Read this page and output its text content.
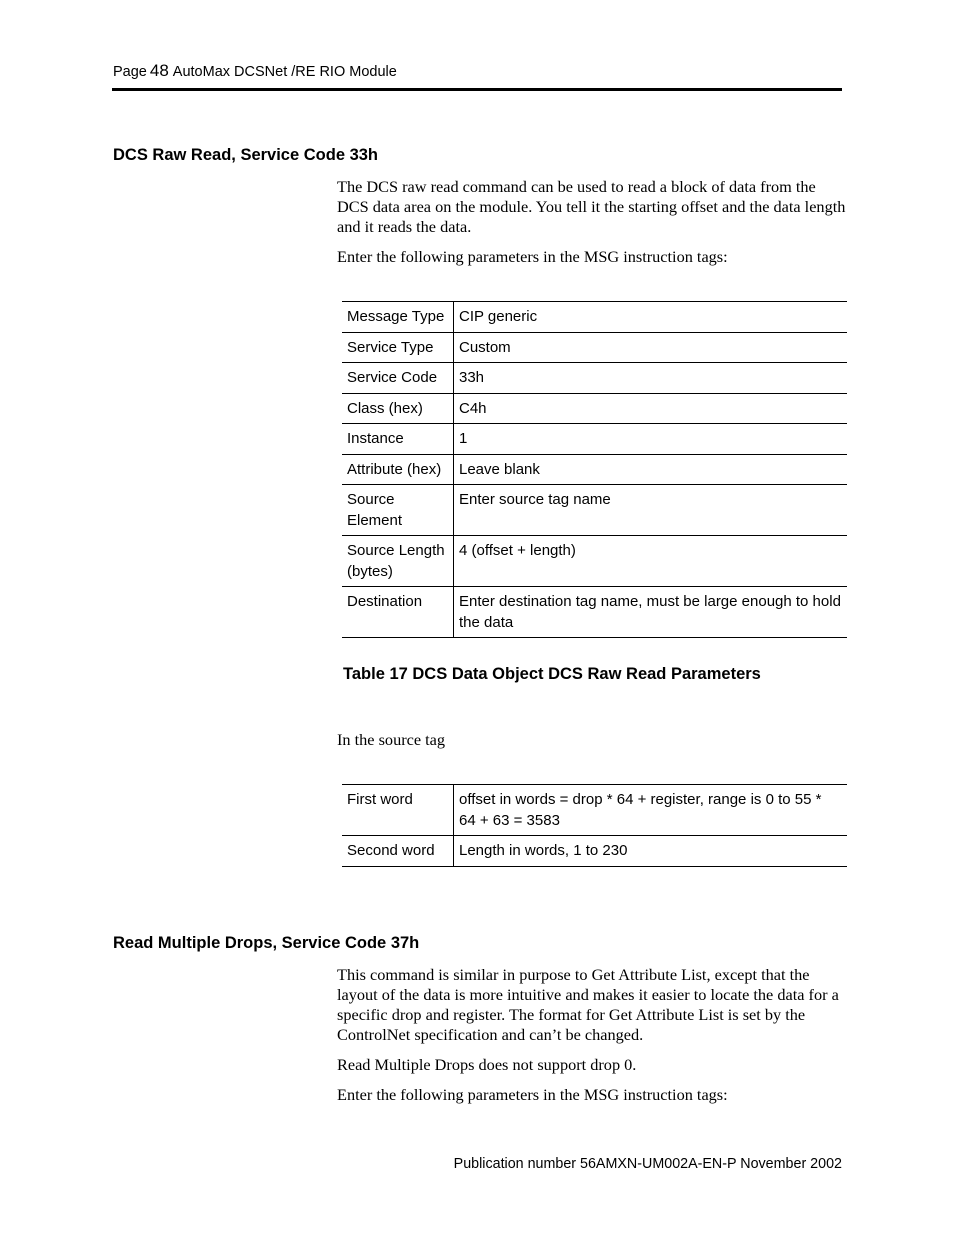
Page 48 AutoMax DCSNet /RE RIO Module
DCS Raw Read, Service Code 33h

The DCS raw read command can be used to read a block of data from the DCS data area on the module. You tell it the starting offset and the data length and it reads the data.

Enter the following parameters in the MSG instruction tags:

Message Type	CIP generic
Service Type	Custom
Service Code	33h
Class (hex)	C4h
Instance	1
Attribute (hex)	Leave blank
Source Element	Enter source tag name
Source Length (bytes)	4 (offset + length)
Destination	Enter destination tag name, must be large enough to hold the data

Table 17 DCS Data Object DCS Raw Read Parameters

In the source tag

First word	offset in words = drop * 64 + register, range is 0 to 55 * 64 + 63 = 3583
Second word	Length in words, 1 to 230
Read Multiple Drops, Service Code 37h

This command is similar in purpose to Get Attribute List, except that the layout of the data is more intuitive and makes it easier to locate the data for a specific drop and register. The format for Get Attribute List is set by the ControlNet specification and can’t be changed.

Read Multiple Drops does not support drop 0.

Enter the following parameters in the MSG instruction tags:

Publication number 56AMXN-UM002A-EN-P November 2002
